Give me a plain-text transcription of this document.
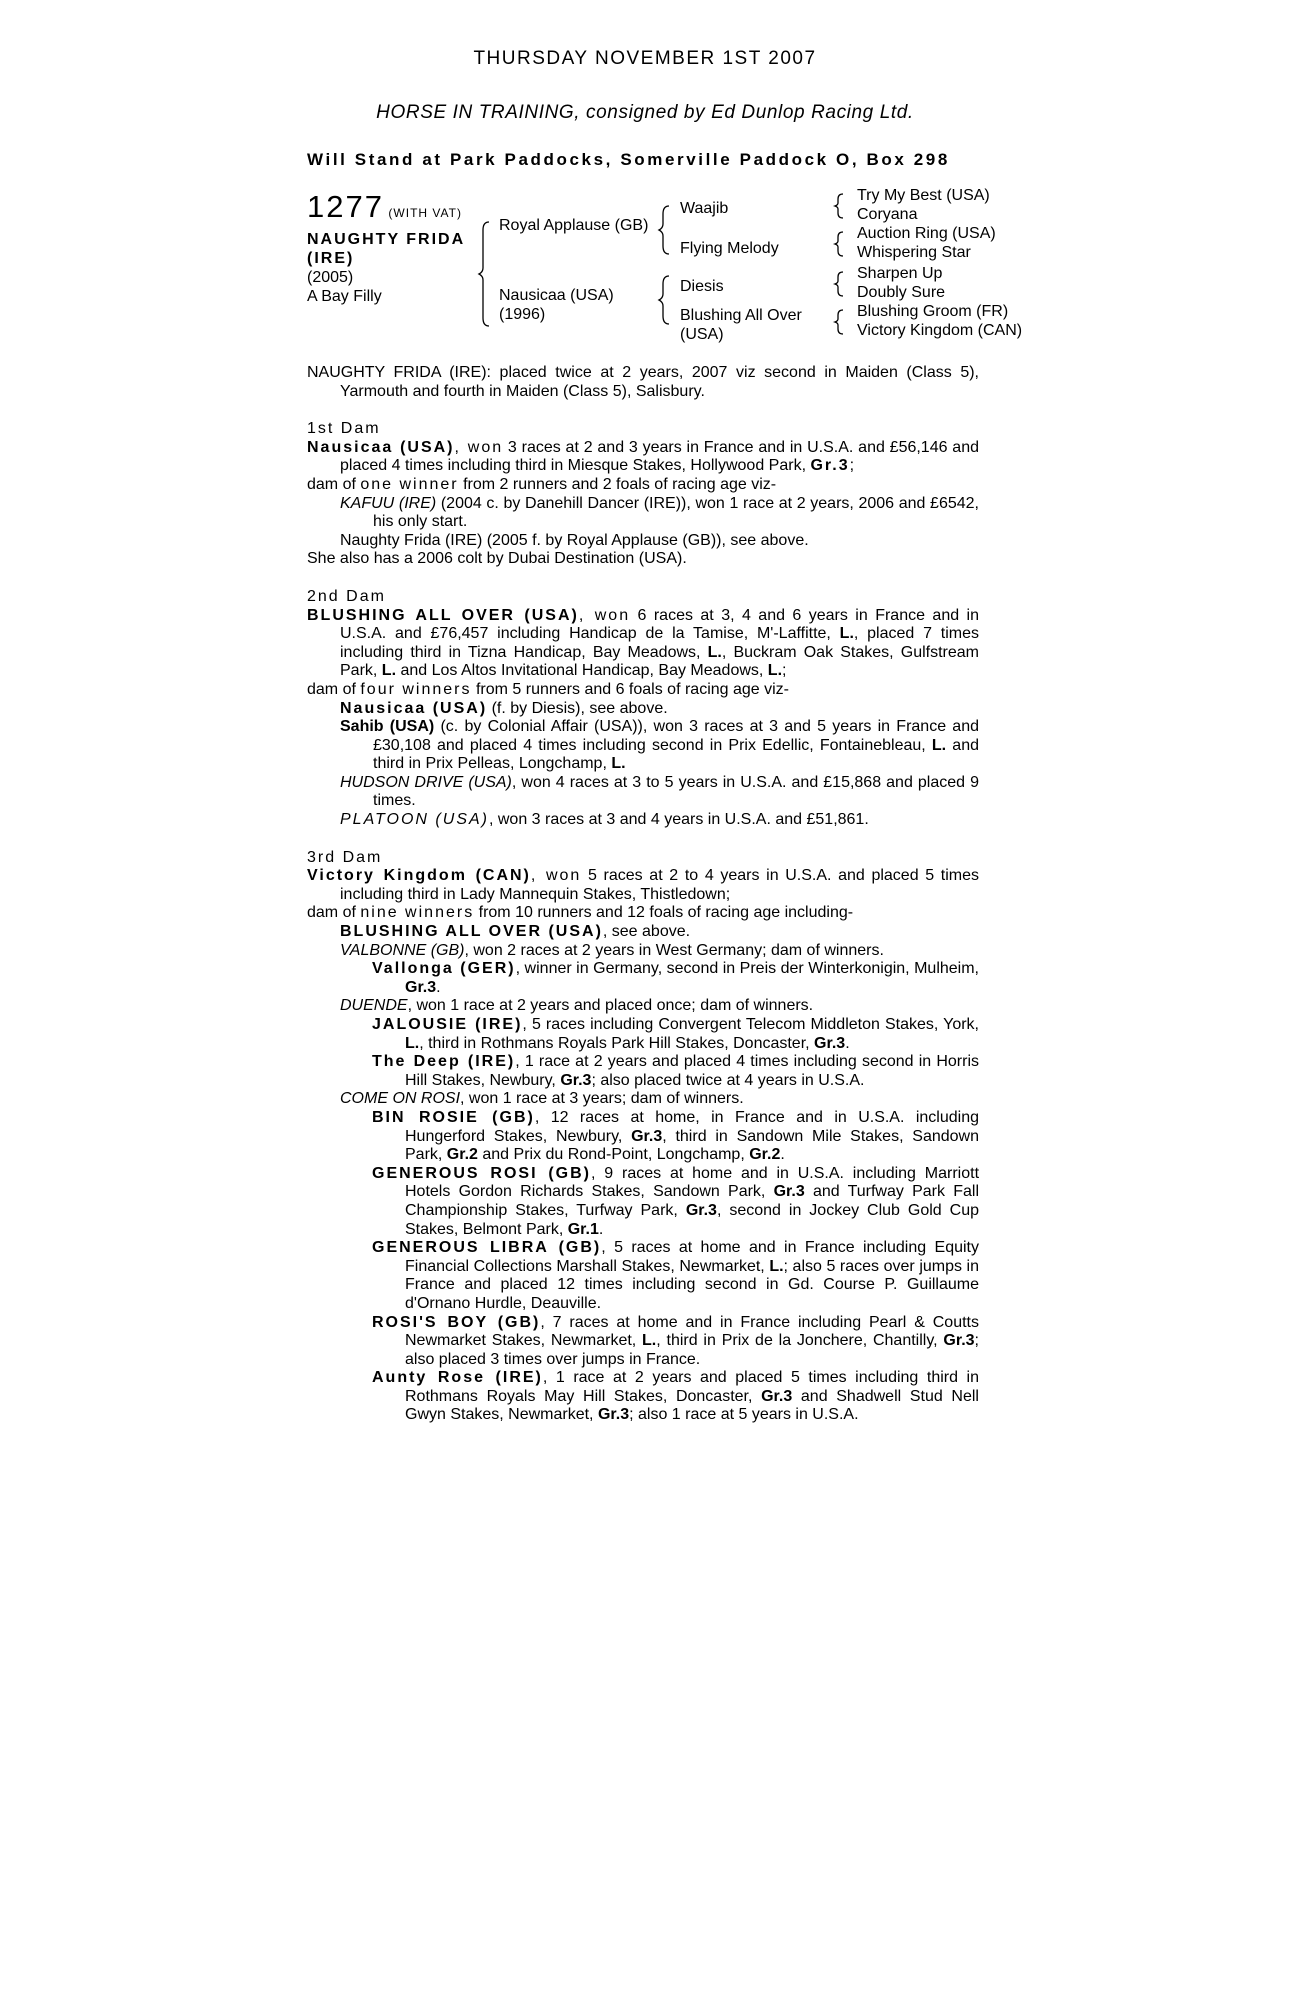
THURSDAY NOVEMBER 1ST 2007
HORSE IN TRAINING, consigned by Ed Dunlop Racing Ltd.
Will Stand at Park Paddocks, Somerville Paddock O, Box 298
1277 (WITH VAT)
NAUGHTY FRIDA
(IRE)
(2005)
A Bay Filly
Royal Applause (GB)
Nausicaa (USA)
(1996)
Waajib
Flying Melody
Diesis
Blushing All Over
(USA)
Try My Best (USA)
Coryana
Auction Ring (USA)
Whispering Star
Sharpen Up
Doubly Sure
Blushing Groom (FR)
Victory Kingdom (CAN)

NAUGHTY FRIDA (IRE): placed twice at 2 years, 2007 viz second in Maiden (Class 5), Yarmouth and fourth in Maiden (Class 5), Salisbury.

1st Dam

Nausicaa (USA), won 3 races at 2 and 3 years in France and in U.S.A. and £56,146 and placed 4 times including third in Miesque Stakes, Hollywood Park, Gr.3;

dam of one winner from 2 runners and 2 foals of racing age viz-

KAFUU (IRE) (2004 c. by Danehill Dancer (IRE)), won 1 race at 2 years, 2006 and £6542, his only start.

Naughty Frida (IRE) (2005 f. by Royal Applause (GB)), see above.

She also has a 2006 colt by Dubai Destination (USA).

2nd Dam

BLUSHING ALL OVER (USA), won 6 races at 3, 4 and 6 years in France and in U.S.A. and £76,457 including Handicap de la Tamise, M'-Laffitte, L., placed 7 times including third in Tizna Handicap, Bay Meadows, L., Buckram Oak Stakes, Gulfstream Park, L. and Los Altos Invitational Handicap, Bay Meadows, L.;

dam of four winners from 5 runners and 6 foals of racing age viz-

Nausicaa (USA) (f. by Diesis), see above.

Sahib (USA) (c. by Colonial Affair (USA)), won 3 races at 3 and 5 years in France and £30,108 and placed 4 times including second in Prix Edellic, Fontainebleau, L. and third in Prix Pelleas, Longchamp, L.

HUDSON DRIVE (USA), won 4 races at 3 to 5 years in U.S.A. and £15,868 and placed 9 times.

PLATOON (USA), won 3 races at 3 and 4 years in U.S.A. and £51,861.

3rd Dam

Victory Kingdom (CAN), won 5 races at 2 to 4 years in U.S.A. and placed 5 times including third in Lady Mannequin Stakes, Thistledown;

dam of nine winners from 10 runners and 12 foals of racing age including-

BLUSHING ALL OVER (USA), see above.

VALBONNE (GB), won 2 races at 2 years in West Germany; dam of winners.

Vallonga (GER), winner in Germany, second in Preis der Winterkonigin, Mulheim, Gr.3.

DUENDE, won 1 race at 2 years and placed once; dam of winners.

JALOUSIE (IRE), 5 races including Convergent Telecom Middleton Stakes, York, L., third in Rothmans Royals Park Hill Stakes, Doncaster, Gr.3.

The Deep (IRE), 1 race at 2 years and placed 4 times including second in Horris Hill Stakes, Newbury, Gr.3; also placed twice at 4 years in U.S.A.

COME ON ROSI, won 1 race at 3 years; dam of winners.

BIN ROSIE (GB), 12 races at home, in France and in U.S.A. including Hungerford Stakes, Newbury, Gr.3, third in Sandown Mile Stakes, Sandown Park, Gr.2 and Prix du Rond-Point, Longchamp, Gr.2.

GENEROUS ROSI (GB), 9 races at home and in U.S.A. including Marriott Hotels Gordon Richards Stakes, Sandown Park, Gr.3 and Turfway Park Fall Championship Stakes, Turfway Park, Gr.3, second in Jockey Club Gold Cup Stakes, Belmont Park, Gr.1.

GENEROUS LIBRA (GB), 5 races at home and in France including Equity Financial Collections Marshall Stakes, Newmarket, L.; also 5 races over jumps in France and placed 12 times including second in Gd. Course P. Guillaume d'Ornano Hurdle, Deauville.

ROSI'S BOY (GB), 7 races at home and in France including Pearl & Coutts Newmarket Stakes, Newmarket, L., third in Prix de la Jonchere, Chantilly, Gr.3; also placed 3 times over jumps in France.

Aunty Rose (IRE), 1 race at 2 years and placed 5 times including third in Rothmans Royals May Hill Stakes, Doncaster, Gr.3 and Shadwell Stud Nell Gwyn Stakes, Newmarket, Gr.3; also 1 race at 5 years in U.S.A.
